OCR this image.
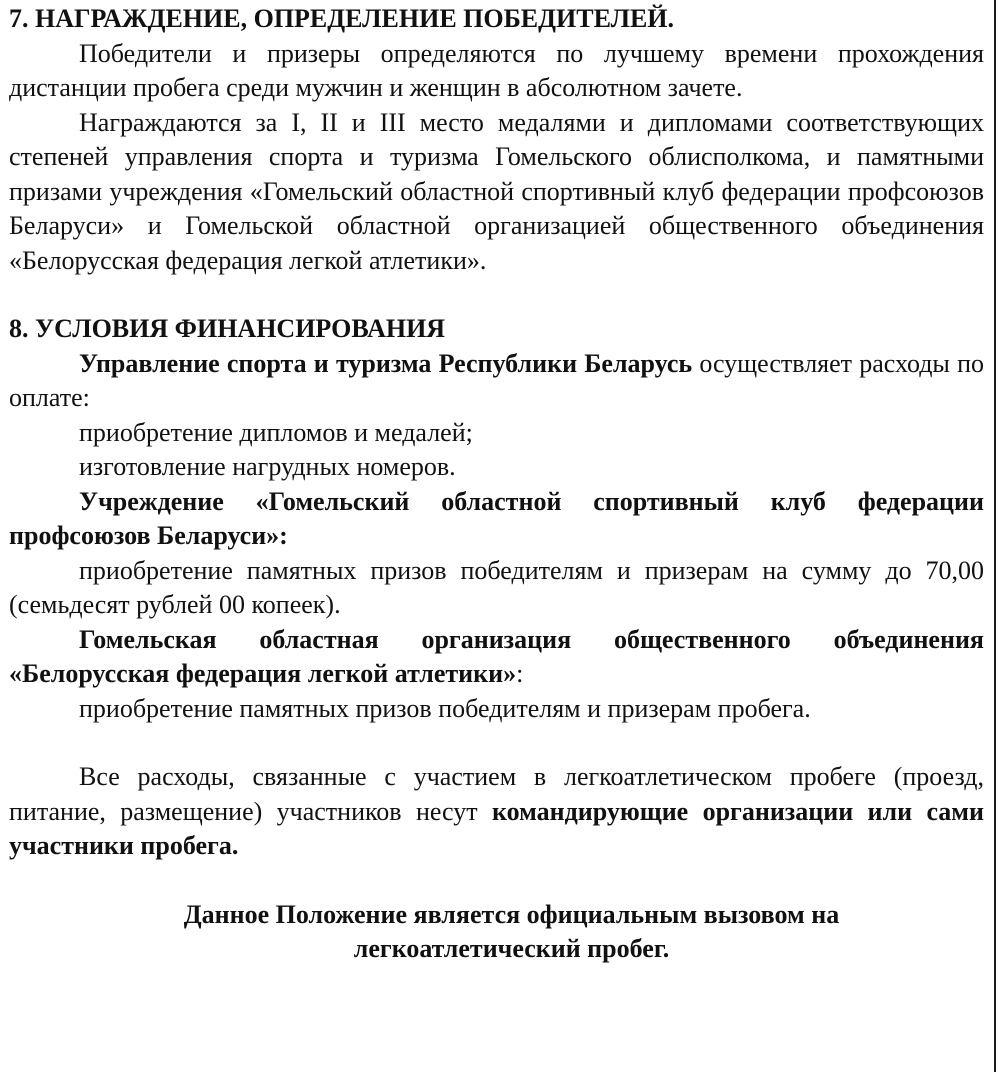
7. НАГРАЖДЕНИЕ, ОПРЕДЕЛЕНИЕ ПОБЕДИТЕЛЕЙ.

Победители и призеры определяются по лучшему времени прохождения дистанции пробега среди мужчин и женщин в абсолютном зачете.

Награждаются за I, II и III место медалями и дипломами соответствующих степеней управления спорта и туризма Гомельского облисполкома, и памятными призами учреждения «Гомельский областной спортивный клуб федерации профсоюзов Беларуси» и Гомельской областной организацией общественного объединения «Белорусская федерация легкой атлетики».

8. УСЛОВИЯ ФИНАНСИРОВАНИЯ

Управление спорта и туризма Республики Беларусь осуществляет расходы по оплате:

приобретение дипломов и медалей;

изготовление нагрудных номеров.

Учреждение «Гомельский областной спортивный клуб федерации профсоюзов Беларуси»:

приобретение памятных призов победителям и призерам на сумму до 70,00 (семьдесят рублей 00 копеек).

Гомельская областная организация общественного объединения «Белорусская федерация легкой атлетики»:

приобретение памятных призов победителям и призерам пробега.

Все расходы, связанные с участием в легкоатлетическом пробеге (проезд, питание, размещение) участников несут командирующие организации или сами участники пробега.

Данное Положение является официальным вызовом на

легкоатлетический пробег.
